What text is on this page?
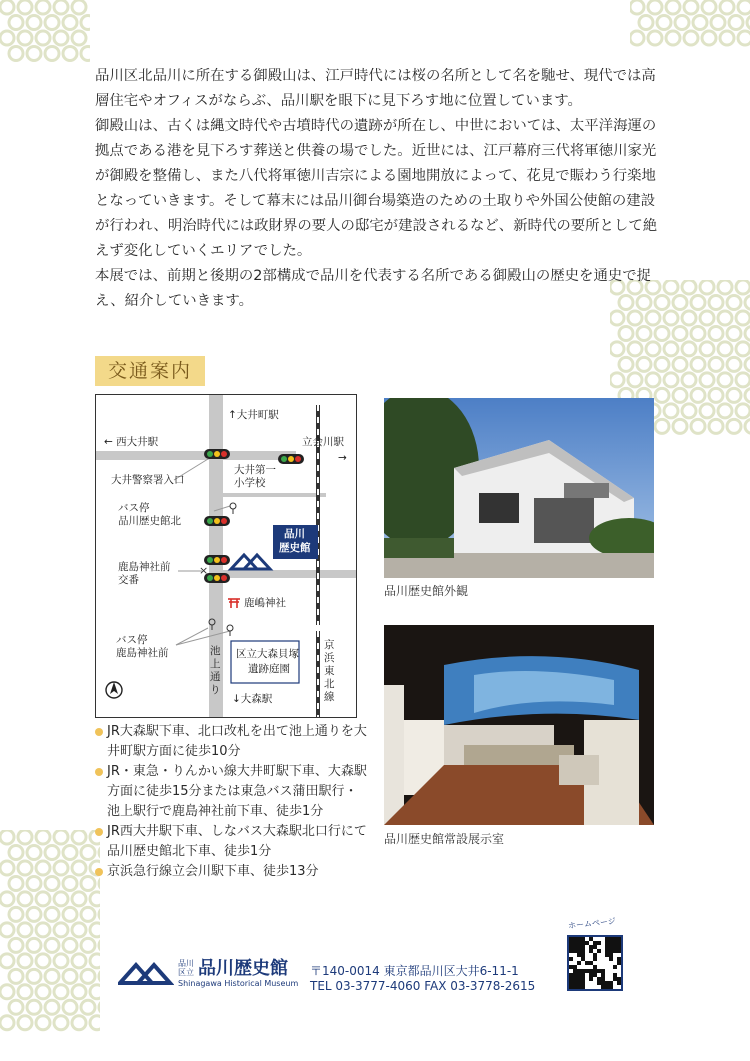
品川区北品川に所在する御殿山は、江戸時代には桜の名所として名を馳せ、現代では高層住宅やオフィスがならぶ、品川駅を眼下に見下ろす地に位置しています。

御殿山は、古くは縄文時代や古墳時代の遺跡が所在し、中世においては、太平洋海運の拠点である港を見下ろす葬送と供養の場でした。近世には、江戸幕府三代将軍徳川家光が御殿を整備し、また八代将軍徳川吉宗による園地開放によって、花見で賑わう行楽地となっていきます。そして幕末には品川御台場築造のための土取りや外国公使館の建設が行われ、明治時代には政財界の要人の邸宅が建設されるなど、新時代の要所として絶えず変化していくエリアでした。

本展では、前期と後期の2部構成で品川を代表する名所である御殿山の歴史を通史で捉え、紹介していきます。

交通案内
×
↑大井町駅
← 西大井駅	立会川駅
→
大井警察署入口
大井第一
小学校
バス停
品川歴史館北
品川
歴史館
鹿島神社前
交番
鹿嶋神社
バス停
鹿島神社前	池
上
通
り
京
浜
東
北
線
区立大森貝塚
遺跡庭園
↓大森駅
品川歴史館外観
品川歴史館常設展示室
JR大森駅下車、北口改札を出て池上通りを大井町駅方面に徒歩10分
JR・東急・りんかい線大井町駅下車、大森駅方面に徒歩15分または東急バス蒲田駅行・池上駅行で鹿島神社前下車、徒歩1分
JR西大井駅下車、しなバス大森駅北口行にて品川歴史館北下車、徒歩1分
京浜急行線立会川駅下車、徒歩13分
品川区立 品川歴史館
Shinagawa Historical Museum
〒140-0014 東京都品川区大井6-11-1
TEL 03-3777-4060 FAX 03-3778-2615
ホームページ
